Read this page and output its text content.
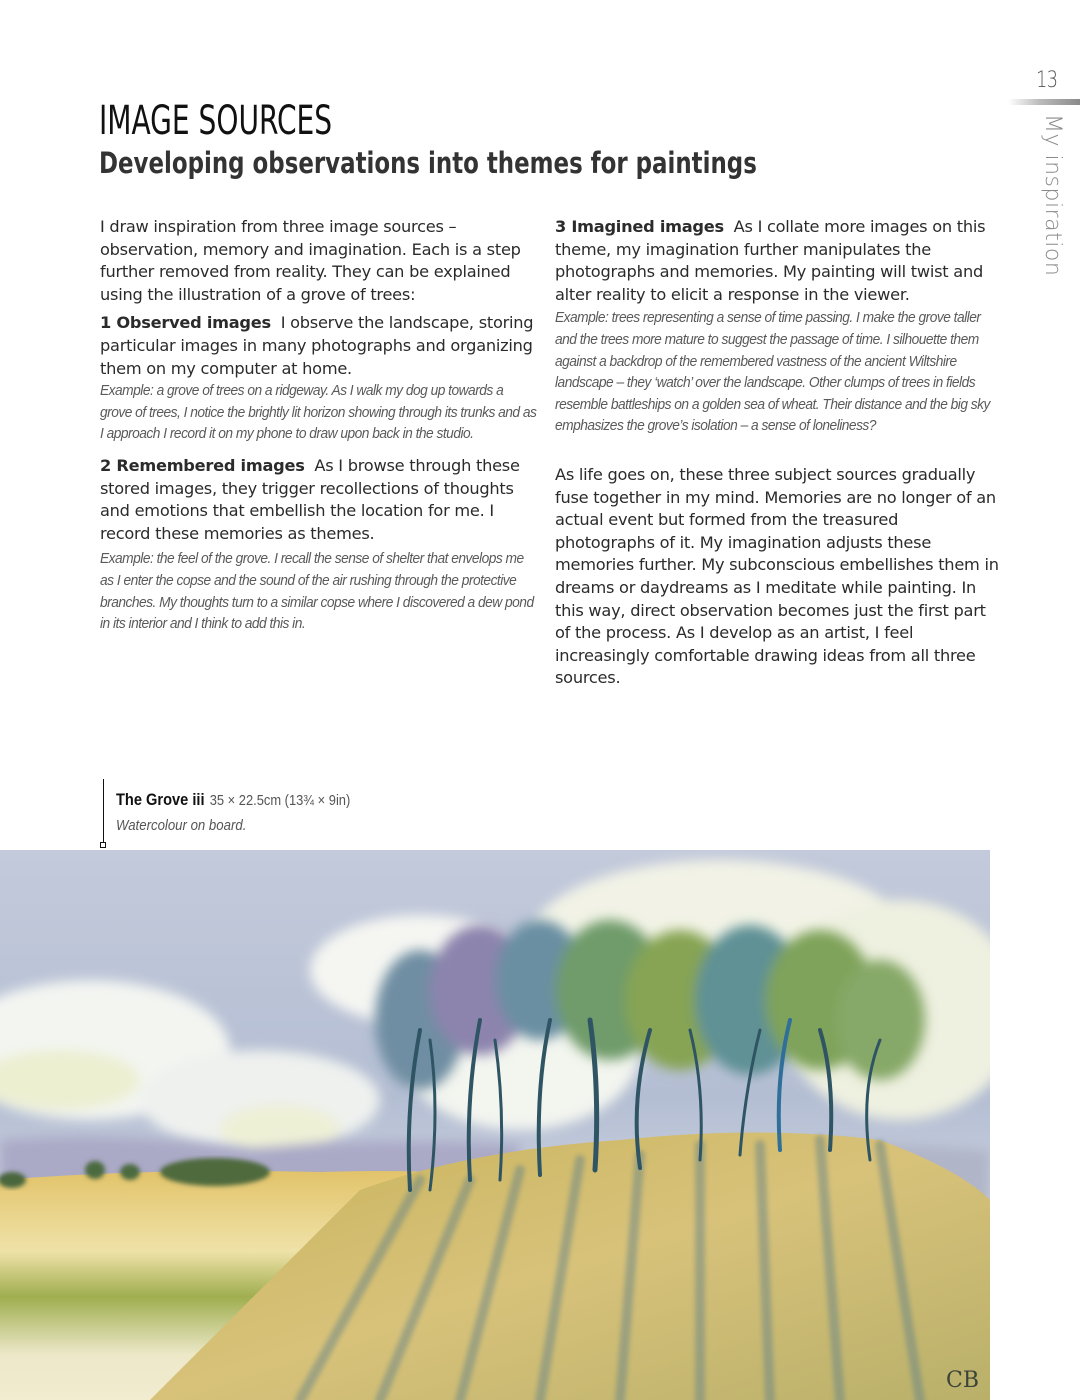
13
My inspiration
IMAGE SOURCES
Developing observations into themes for paintings

I draw inspiration from three image sources – observation, memory and imagination. Each is a step further removed from reality. They can be explained using the illustration of a grove of trees:

1 Observed images I observe the landscape, storing particular images in many photographs and organizing them on my computer at home.

Example: a grove of trees on a ridgeway. As I walk my dog up towards a grove of trees, I notice the brightly lit horizon showing through its trunks and as I approach I record it on my phone to draw upon back in the studio.

2 Remembered images As I browse through these stored images, they trigger recollections of thoughts and emotions that embellish the location for me. I record these memories as themes.

Example: the feel of the grove. I recall the sense of shelter that envelops me as I enter the copse and the sound of the air rushing through the protective branches. My thoughts turn to a similar copse where I discovered a dew pond in its interior and I think to add this in.

3 Imagined images As I collate more images on this theme, my imagination further manipulates the photographs and memories. My painting will twist and alter reality to elicit a response in the viewer.

Example: trees representing a sense of time passing. I make the grove taller and the trees more mature to suggest the passage of time. I silhouette them against a backdrop of the remembered vastness of the ancient Wiltshire landscape – they ‘watch’ over the landscape. Other clumps of trees in fields resemble battleships on a golden sea of wheat. Their distance and the big sky emphasizes the grove’s isolation – a sense of loneliness?

As life goes on, these three subject sources gradually fuse together in my mind. Memories are no longer of an actual event but formed from the treasured photographs of it. My imagination adjusts these memories further. My subconscious embellishes them in dreams or daydreams as I meditate while painting. In this way, direct observation becomes just the first part of the process. As I develop as an artist, I feel increasingly comfortable drawing ideas from all three sources.

The Grove iii 35 × 22.5cm (13¾ × 9in)
Watercolour on board.
CB
